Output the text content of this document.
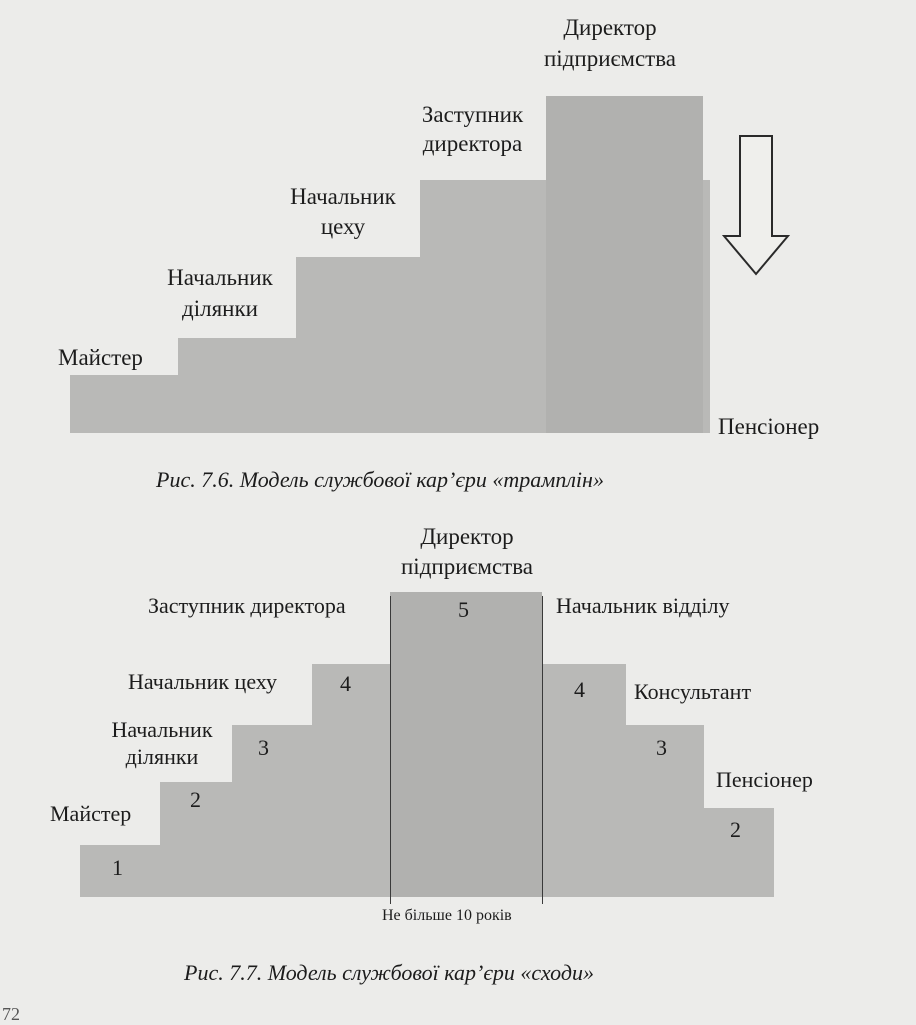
Директор
підприємства
Заступник
директора
Начальник
цеху
Начальник
ділянки
Майстер
Пенсіонер
Рис. 7.6. Модель службової кар’єри «трамплін»
Директор
підприємства
Заступник директора	Начальник відділу
Начальник цеху	Консультант
Начальник
ділянки
Пенсіонер
Майстер
1
2
3
4
5
4
3
2
Не більше 10 років
Рис. 7.7. Модель службової кар’єри «сходи»
72
